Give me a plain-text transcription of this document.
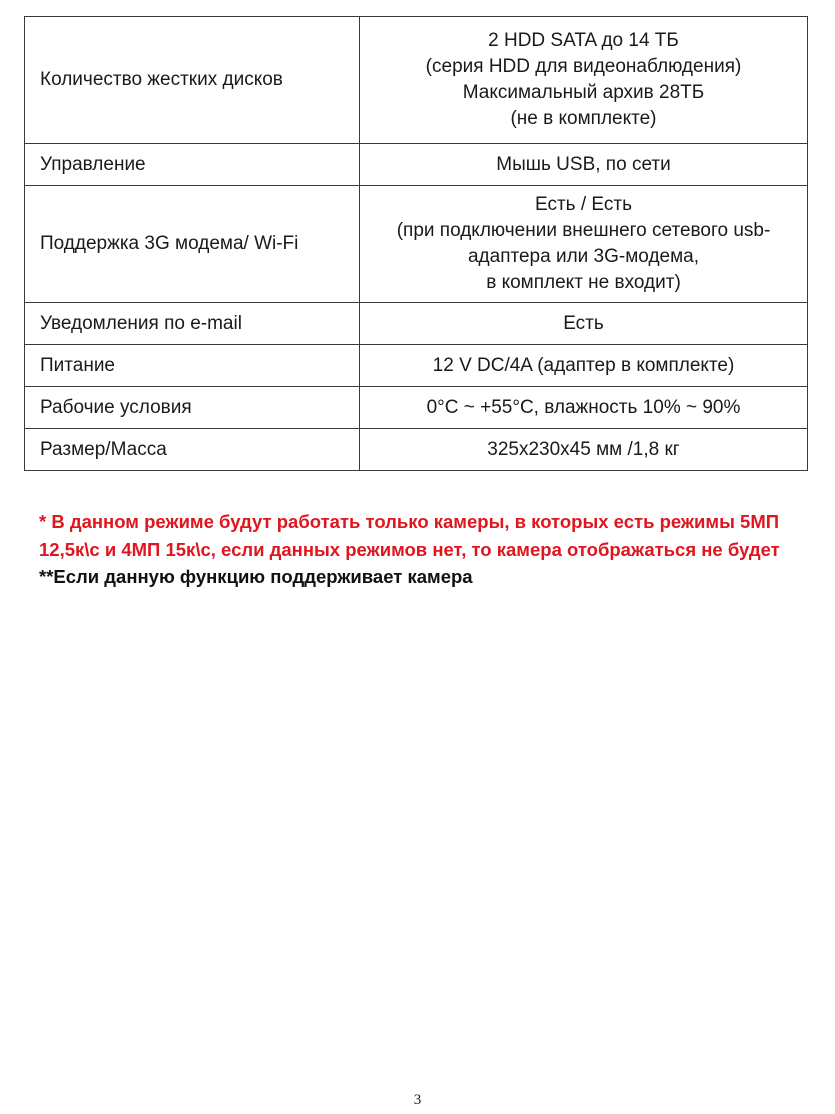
Количество жестких дисков	2 HDD SATA до 14 ТБ
(серия HDD для видеонаблюдения)
Максимальный архив 28ТБ
(не в комплекте)

Управление	Мышь USB, по сети

Поддержка 3G модема/ Wi-Fi	Есть / Есть
(при подключении внешнего сетевого usb-
адаптера или 3G-модема,
в комплект не входит)

Уведомления по e-mail	Есть

Питание	12 V DC/4A (адаптер в комплекте)

Рабочие условия	0°C ~ +55°C, влажность 10% ~ 90%

Размер/Масса	325x230x45 мм /1,8 кг
* В данном режиме будут работать только камеры, в которых есть режимы 5МП 12,5к\с и 4МП 15к\с, если данных режимов нет, то камера отображаться не будет
**Если данную функцию поддерживает камера
3
